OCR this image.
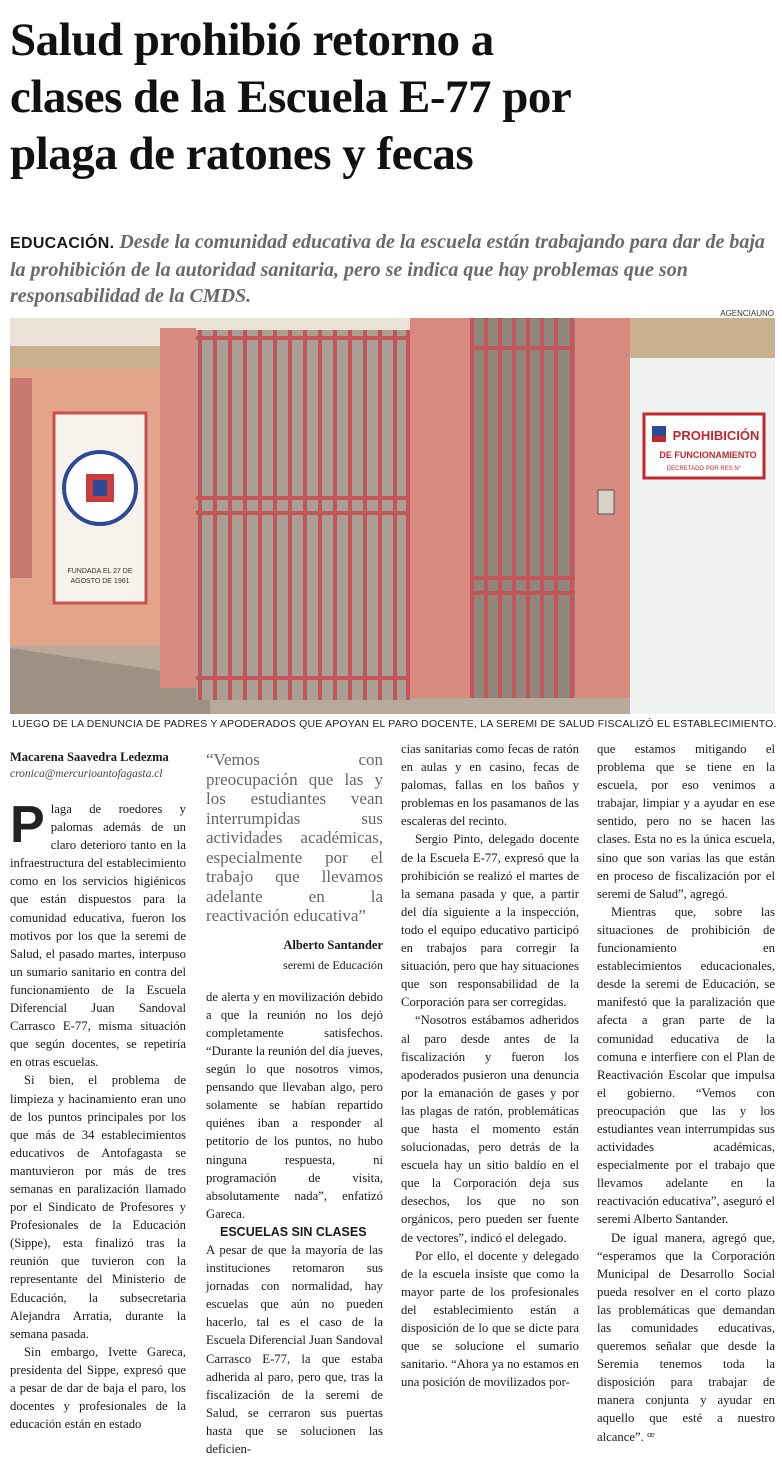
Salud prohibió retorno a
clases de la Escuela E-77 por
plaga de ratones y fecas
EDUCACIÓN. Desde la comunidad educativa de la escuela están trabajando para dar de baja la prohibición de la autoridad sanitaria, pero se indica que hay problemas que son responsabilidad de la CMDS.
AGENCIAUNO
FUNDADA EL 27 DE
AGOSTO DE 1961
PROHIBICIÓN
DE FUNCIONAMIENTO
DECRETADO POR RES N°
LUEGO DE LA DENUNCIA DE PADRES Y APODERADOS QUE APOYAN EL PARO DOCENTE, LA SEREMI DE SALUD FISCALIZÓ EL ESTABLECIMIENTO.
Macarena Saavedra Ledezma
cronica@mercurioantofagasta.cl

Plaga de roedores y palomas además de un claro deterioro tanto en la infraestructura del establecimiento como en los servicios higiénicos que están dispuestos para la comunidad educativa, fueron los motivos por los que la seremi de Salud, el pasado martes, interpuso un sumario sanitario en contra del funcionamiento de la Escuela Diferencial Juan Sandoval Carrasco E-77, misma situación que según docentes, se repetiría en otras escuelas.

Si bien, el problema de limpieza y hacinamiento eran uno de los puntos principales por los que más de 34 establecimientos educativos de Antofagasta se mantuvieron por más de tres semanas en paralización llamado por el Sindicato de Profesores y Profesionales de la Educación (Sippe), esta finalizó tras la reunión que tuvieron con la representante del Ministerio de Educación, la subsecretaria Alejandra Arratia, durante la semana pasada.

Sin embargo, Ivette Gareca, presidenta del Sippe, expresó que a pesar de dar de baja el paro, los docentes y profesionales de la educación están en estado

“Vemos con preocupación que las y los estudiantes vean interrumpidas sus actividades académicas, especialmente por el trabajo que llevamos adelante en la reactivación educativa”
Alberto Santander
seremi de Educación

de alerta y en movilización debido a que la reunión no los dejó completamente satisfechos. “Durante la reunión del día jueves, según lo que nosotros vimos, pensando que llevaban algo, pero solamente se habían repartido quiénes iban a responder al petitorio de los puntos, no hubo ninguna respuesta, ni programación de visita, absolutamente nada”, enfatizó Gareca.

ESCUELAS SIN CLASES

A pesar de que la mayoría de las instituciones retomaron sus jornadas con normalidad, hay escuelas que aún no pueden hacerlo, tal es el caso de la Escuela Diferencial Juan Sandoval Carrasco E-77, la que estaba adherida al paro, pero que, tras la fiscalización de la seremi de Salud, se cerraron sus puertas hasta que se solucionen las deficien-

cias sanitarias como fecas de ratón en aulas y en casino, fecas de palomas, fallas en los baños y problemas en los pasamanos de las escaleras del recinto.

Sergio Pinto, delegado docente de la Escuela E-77, expresó que la prohibición se realizó el martes de la semana pasada y que, a partir del día siguiente a la inspección, todo el equipo educativo participó en trabajos para corregir la situación, pero que hay situaciones que son responsabilidad de la Corporación para ser corregidas.

“Nosotros estábamos adheridos al paro desde antes de la fiscalización y fueron los apoderados pusieron una denuncia por la emanación de gases y por las plagas de ratón, problemáticas que hasta el momento están solucionadas, pero detrás de la escuela hay un sitio baldío en el que la Corporación deja sus desechos, los que no son orgánicos, pero pueden ser fuente de vectores”, indicó el delegado.

Por ello, el docente y delegado de la escuela insiste que como la mayor parte de los profesionales del establecimiento están a disposición de lo que se dicte para que se solucione el sumario sanitario. “Ahora ya no estamos en una posición de movilizados por-

que estamos mitigando el problema que se tiene en la escuela, por eso venimos a trabajar, limpiar y a ayudar en ese sentido, pero no se hacen las clases. Esta no es la única escuela, sino que son varias las que están en proceso de fiscalización por el seremi de Salud”, agregó.

Mientras que, sobre las situaciones de prohibición de funcionamiento en establecimientos educacionales, desde la seremi de Educación, se manifestó que la paralización que afecta a gran parte de la comunidad educativa de la comuna e interfiere con el Plan de Reactivación Escolar que impulsa el gobierno. “Vemos con preocupación que las y los estudiantes vean interrumpidas sus actividades académicas, especialmente por el trabajo que llevamos adelante en la reactivación educativa”, aseguró el seremi Alberto Santander.

De igual manera, agregó que, “esperamos que la Corporación Municipal de Desarrollo Social pueda resolver en el corto plazo las problemáticas que demandan las comunidades educativas, queremos señalar que desde la Seremia tenemos toda la disposición para trabajar de manera conjunta y ayudar en aquello que esté a nuestro alcance”. ꟹ
